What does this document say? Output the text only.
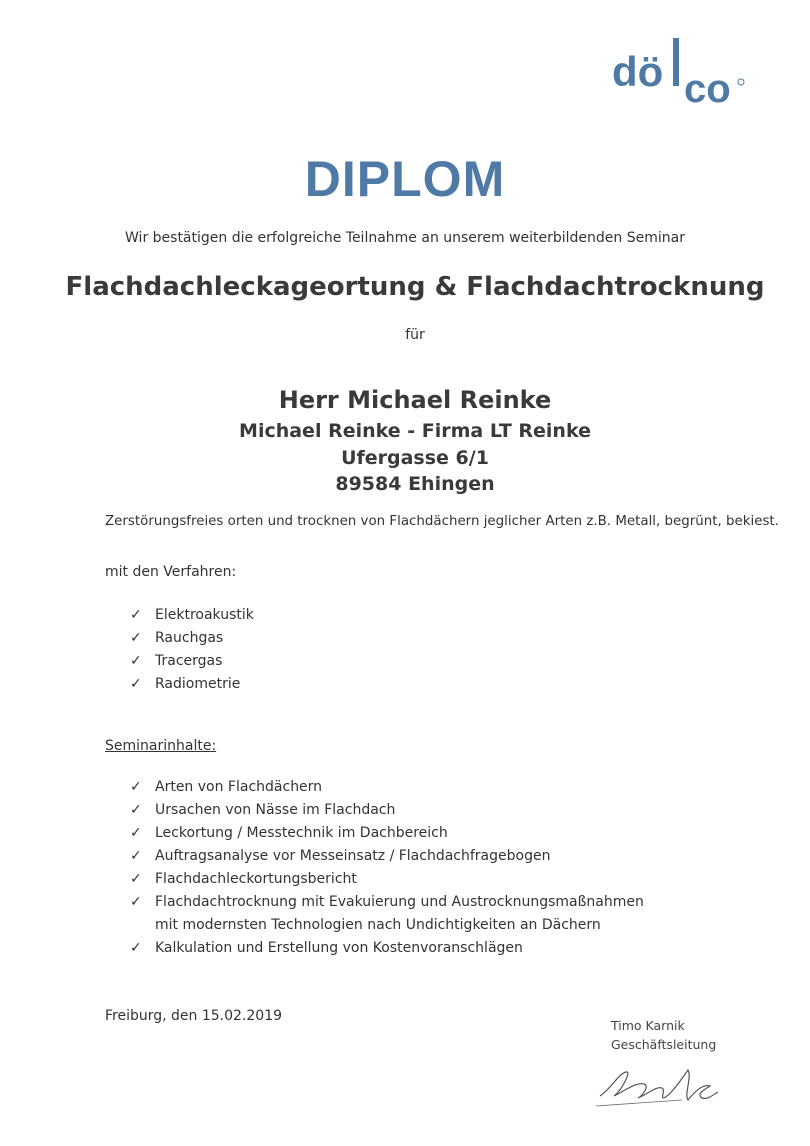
dö co
DIPLOM
Wir bestätigen die erfolgreiche Teilnahme an unserem weiterbildenden Seminar
Flachdachleckageortung & Flachdachtrocknung
für
Herr Michael Reinke
Michael Reinke - Firma LT Reinke
Ufergasse 6/1
89584 Ehingen
Zerstörungsfreies orten und trocknen von Flachdächern jeglicher Arten z.B. Metall, begrünt, bekiest.
mit den Verfahren:
✓ Elektroakustik
✓ Rauchgas
✓ Tracergas
✓ Radiometrie
Seminarinhalte:
✓ Arten von Flachdächern
✓ Ursachen von Nässe im Flachdach
✓ Leckortung / Messtechnik im Dachbereich
✓ Auftragsanalyse vor Messeinsatz / Flachdachfragebogen
✓ Flachdachleckortungsbericht
✓ Flachdachtrocknung mit Evakuierung und Austrocknungsmaßnahmen mit modernsten Technologien nach Undichtigkeiten an Dächern
✓ Kalkulation und Erstellung von Kostenvoranschlägen
Freiburg, den 15.02.2019
Timo Karnik
Geschäftsleitung
